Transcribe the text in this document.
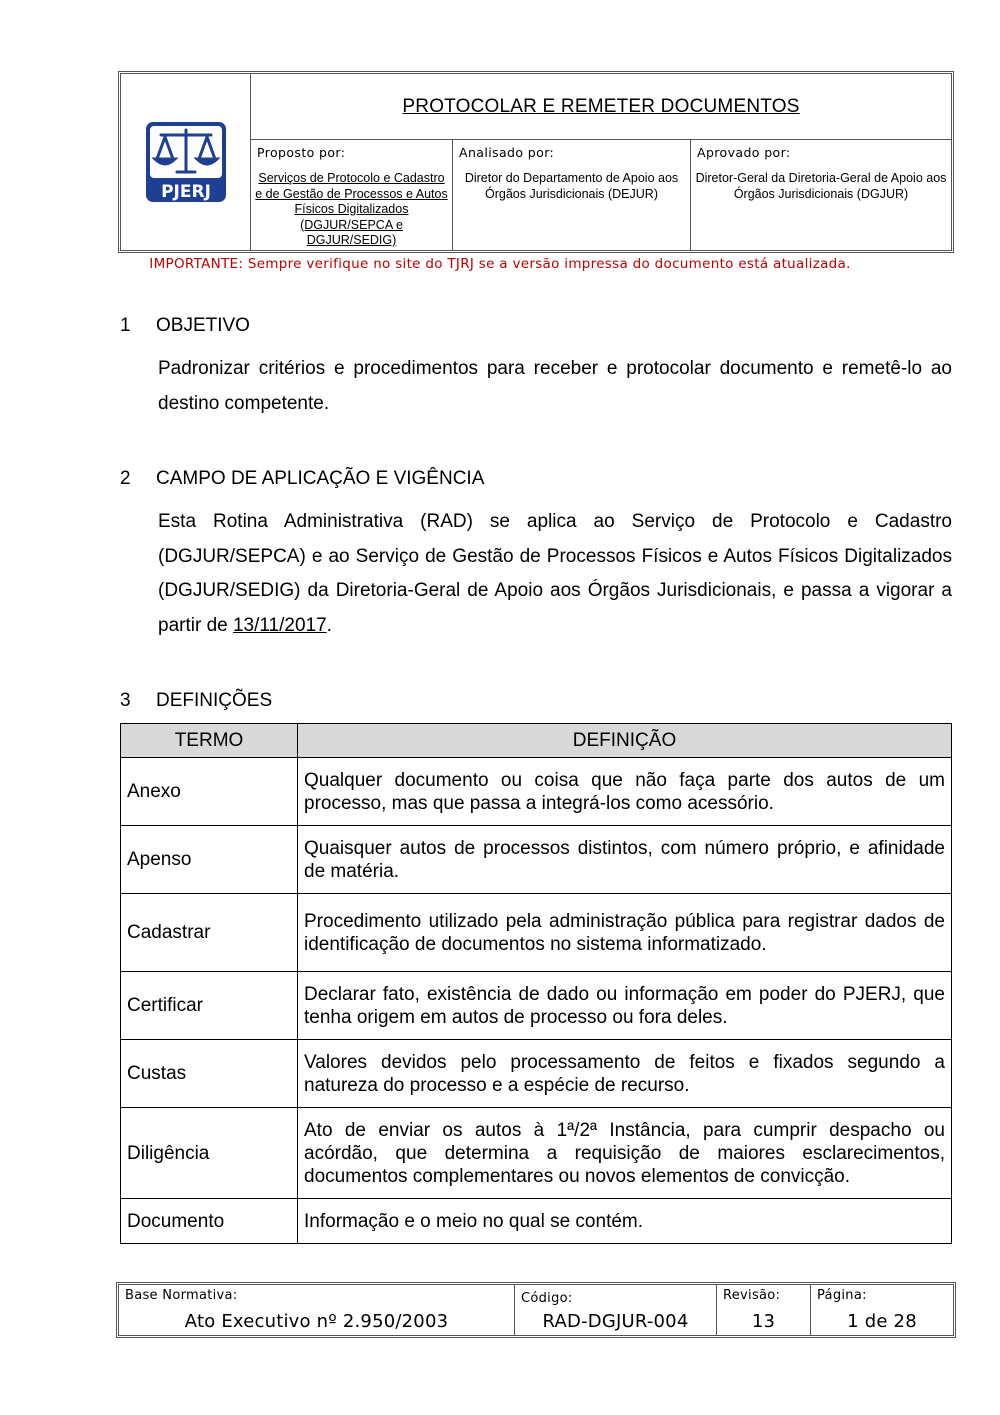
PJERJ
PROTOCOLAR E REMETER DOCUMENTOS
Proposto por:
Serviços de Protocolo e Cadastro e de Gestão de Processos e Autos Físicos Digitalizados (DGJUR/SEPCA e DGJUR/SEDIG)
Analisado por:
Diretor do Departamento de Apoio aos Órgãos Jurisdicionais (DEJUR)
Aprovado por:
Diretor-Geral da Diretoria-Geral de Apoio aos Órgãos Jurisdicionais (DGJUR)
IMPORTANTE: Sempre verifique no site do TJRJ se a versão impressa do documento está atualizada.
1 OBJETIVO
Padronizar critérios e procedimentos para receber e protocolar documento e remetê-lo ao destino competente.
2 CAMPO DE APLICAÇÃO E VIGÊNCIA
Esta Rotina Administrativa (RAD) se aplica ao Serviço de Protocolo e Cadastro (DGJUR/SEPCA) e ao Serviço de Gestão de Processos Físicos e Autos Físicos Digitalizados (DGJUR/SEDIG) da Diretoria-Geral de Apoio aos Órgãos Jurisdicionais, e passa a vigorar a partir de 13/11/2017.
3 DEFINIÇÕES
TERMO	DEFINIÇÃO
Anexo	Qualquer documento ou coisa que não faça parte dos autos de um processo, mas que passa a integrá-los como acessório.
Apenso	Quaisquer autos de processos distintos, com número próprio, e afinidade de matéria.
Cadastrar	Procedimento utilizado pela administração pública para registrar dados de identificação de documentos no sistema informatizado.
Certificar	Declarar fato, existência de dado ou informação em poder do PJERJ, que tenha origem em autos de processo ou fora deles.
Custas	Valores devidos pelo processamento de feitos e fixados segundo a natureza do processo e a espécie de recurso.
Diligência	Ato de enviar os autos à 1ª/2ª Instância, para cumprir despacho ou acórdão, que determina a requisição de maiores esclarecimentos, documentos complementares ou novos elementos de convicção.
Documento	Informação e o meio no qual se contém.
Base Normativa:
Ato Executivo nº 2.950/2003
Código:
RAD-DGJUR-004
Revisão:
13
Página:
1 de 28
